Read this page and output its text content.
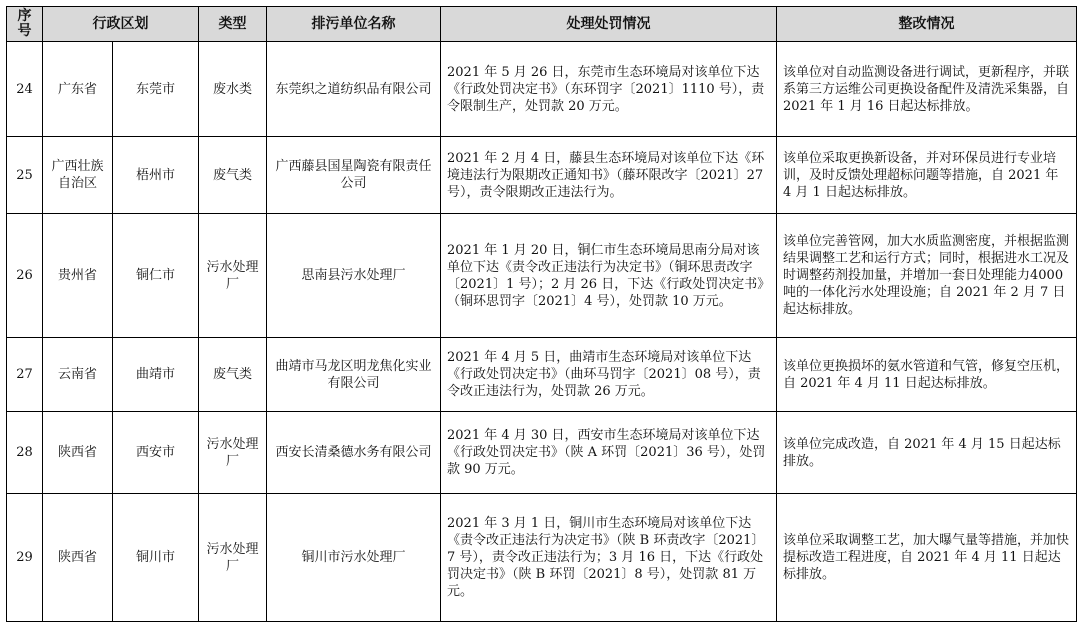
序号	行政区划		类型	排污单位名称	处理处罚情况	整改情况
24	广东省	东莞市	废水类	东莞织之道纺织品有限公司	2021 年 5 月 26 日，东莞市生态环境局对该单位下达《行政处罚决定书》（东环罚字〔2021〕1110 号），责令限制生产，处罚款 20 万元。	该单位对自动监测设备进行调试，更新程序，并联系第三方运维公司更换设备配件及清洗采集器，自 2021 年 1 月 16 日起达标排放。
25	广西壮族自治区	梧州市	废气类	广西藤县国星陶瓷有限责任公司	2021 年 2 月 4 日，藤县生态环境局对该单位下达《环境违法行为限期改正通知书》（藤环限改字〔2021〕27 号），责令限期改正违法行为。	该单位采取更换新设备，并对环保员进行专业培训，及时反馈处理超标问题等措施，自 2021 年 4 月 1 日起达标排放。
26	贵州省	铜仁市	污水处理厂	思南县污水处理厂	2021 年 1 月 20 日，铜仁市生态环境局思南分局对该单位下达《责令改正违法行为决定书》（铜环思责改字〔2021〕1 号）；2 月 26 日，下达《行政处罚决定书》（铜环思罚字〔2021〕4 号），处罚款 10 万元。	该单位完善管网，加大水质监测密度，并根据监测结果调整工艺和运行方式；同时，根据进水工况及时调整药剂投加量，并增加一套日处理能力4000吨的一体化污水处理设施；自 2021 年 2 月 7 日起达标排放。
27	云南省	曲靖市	废气类	曲靖市马龙区明龙焦化实业有限公司	2021 年 4 月 5 日，曲靖市生态环境局对该单位下达《行政处罚决定书》（曲环马罚字〔2021〕08 号），责令改正违法行为，处罚款 26 万元。	该单位更换损坏的氨水管道和气管，修复空压机，自 2021 年 4 月 11 日起达标排放。
28	陕西省	西安市	污水处理厂	西安长清桑德水务有限公司	2021 年 4 月 30 日，西安市生态环境局对该单位下达《行政处罚决定书》（陕 A 环罚〔2021〕36 号），处罚款 90 万元。	该单位完成改造，自 2021 年 4 月 15 日起达标排放。
29	陕西省	铜川市	污水处理厂	铜川市污水处理厂	2021 年 3 月 1 日，铜川市生态环境局对该单位下达《责令改正违法行为决定书》（陕 B 环责改字〔2021〕7 号），责令改正违法行为；3 月 16 日，下达《行政处罚决定书》（陕 B 环罚〔2021〕8 号），处罚款 81 万元。	该单位采取调整工艺，加大曝气量等措施，并加快提标改造工程进度，自 2021 年 4 月 11 日起达标排放。
